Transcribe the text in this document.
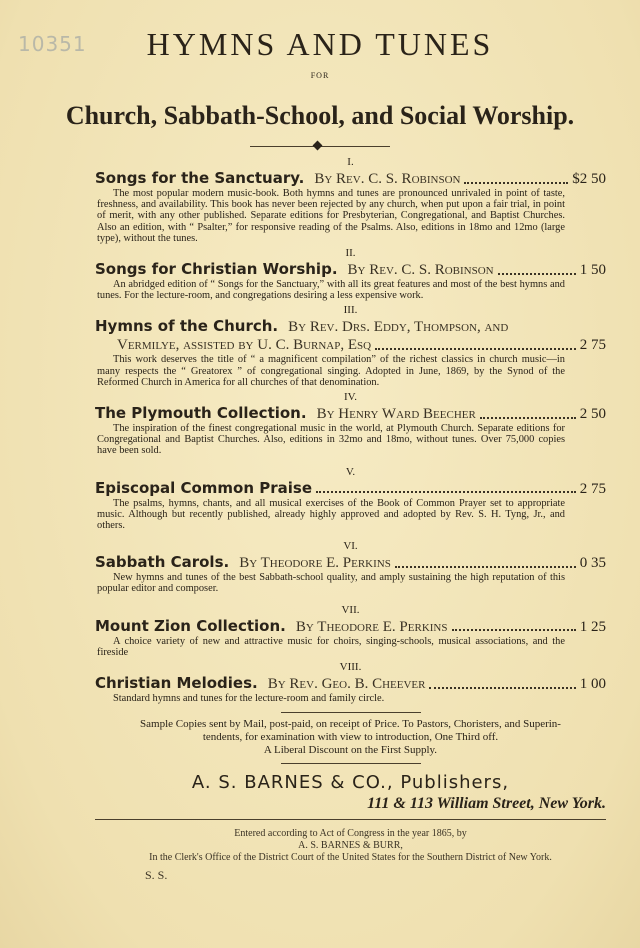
10351	HYMNS AND TUNES
FOR
Church, Sabbath-School, and Social Worship.
I.
Songs for the Sanctuary. By Rev. C. S. Robinson	$2 50
The most popular modern music-book. Both hymns and tunes are pronounced unrivaled in point of taste, freshness, and availability. This book has never been rejected by any church, when put upon a fair trial, in point of merit, with any other published. Separate editions for Presbyterian, Congregational, and Baptist Churches. Also an edition, with “ Psalter,” for responsive reading of the Psalms. Also, editions in 18mo and 12mo (large type), without the tunes.
II.
Songs for Christian Worship. By Rev. C. S. Robinson	1 50
An abridged edition of “ Songs for the Sanctuary,” with all its great features and most of the best hymns and tunes. For the lecture-room, and congregations desiring a less expensive work.
III.
Hymns of the Church. By Rev. Drs. Eddy, Thompson, and
Vermilye, assisted by U. C. Burnap, Esq	2 75
This work deserves the title of “ a magnificent compilation” of the richest classics in church music—in many respects the “ Greatorex ” of congregational singing. Adopted in June, 1869, by the Synod of the Reformed Church in America for all churches of that denomination.
IV.
The Plymouth Collection. By Henry Ward Beecher	2 50
The inspiration of the finest congregational music in the world, at Plymouth Church. Separate editions for Congregational and Baptist Churches. Also, editions in 32mo and 18mo, without tunes. Over 75,000 copies have been sold.
V.
Episcopal Common Praise	2 75
The psalms, hymns, chants, and all musical exercises of the Book of Common Prayer set to appropriate music. Although but recently published, already highly approved and adopted by Rev. S. H. Tyng, Jr., and others.
VI.
Sabbath Carols. By Theodore E. Perkins	0 35
New hymns and tunes of the best Sabbath-school quality, and amply sustaining the high reputation of this popular editor and composer.
VII.
Mount Zion Collection. By Theodore E. Perkins	1 25
A choice variety of new and attractive music for choirs, singing-schools, musical associations, and the fireside
VIII.
Christian Melodies. By Rev. Geo. B. Cheever	1 00
Standard hymns and tunes for the lecture-room and family circle.
Sample Copies sent by Mail, post-paid, on receipt of Price. To Pastors, Choristers, and Superin-
tendents, for examination with view to introduction, One Third off.
A Liberal Discount on the First Supply.
A. S. BARNES & CO., Publishers,
111 & 113 William Street, New York.
Entered according to Act of Congress in the year 1865, by
A. S. BARNES & BURR,
In the Clerk's Office of the District Court of the United States for the Southern District of New York.
S. S.
